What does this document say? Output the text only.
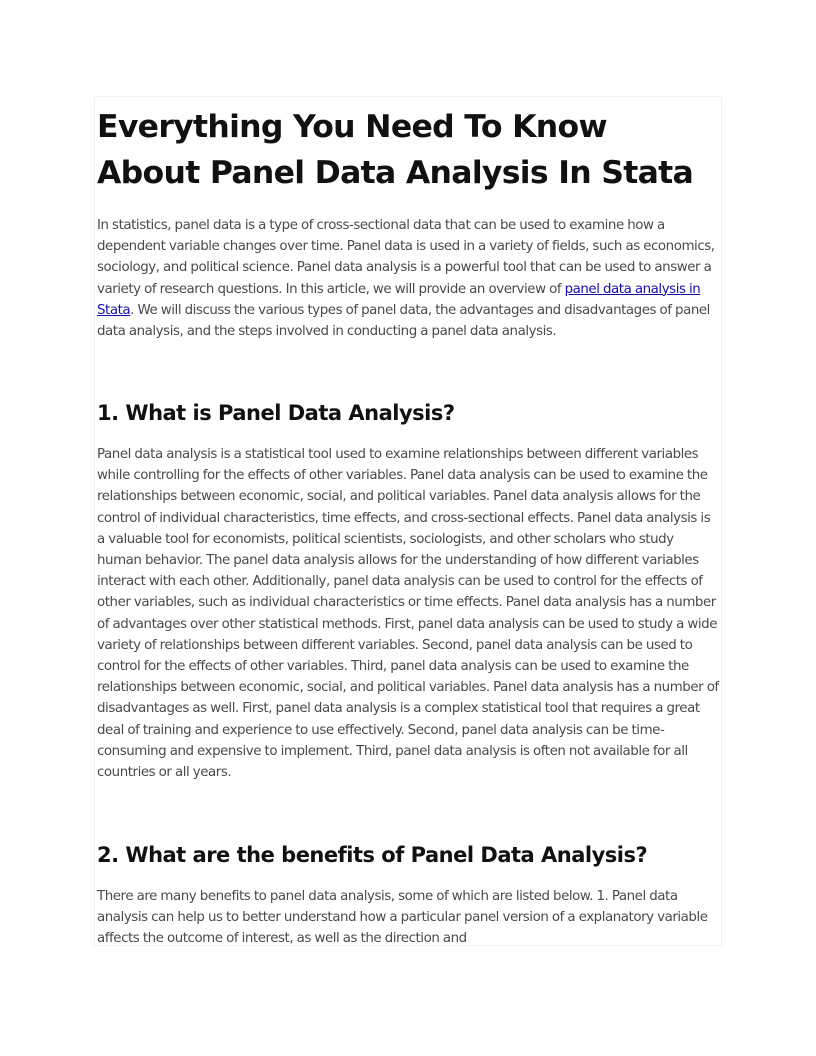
Everything You Need To Know About Panel Data Analysis In Stata

In statistics, panel data is a type of cross-sectional data that can be used to examine how a dependent variable changes over time. Panel data is used in a variety of fields, such as economics, sociology, and political science. Panel data analysis is a powerful tool that can be used to answer a variety of research questions. In this article, we will provide an overview of panel data analysis in Stata. We will discuss the various types of panel data, the advantages and disadvantages of panel data analysis, and the steps involved in conducting a panel data analysis.

1. What is Panel Data Analysis?

Panel data analysis is a statistical tool used to examine relationships between different variables while controlling for the effects of other variables. Panel data analysis can be used to examine the relationships between economic, social, and political variables. Panel data analysis allows for the control of individual characteristics, time effects, and cross-sectional effects. Panel data analysis is a valuable tool for economists, political scientists, sociologists, and other scholars who study human behavior. The panel data analysis allows for the understanding of how different variables interact with each other. Additionally, panel data analysis can be used to control for the effects of other variables, such as individual characteristics or time effects. Panel data analysis has a number of advantages over other statistical methods. First, panel data analysis can be used to study a wide variety of relationships between different variables. Second, panel data analysis can be used to control for the effects of other variables. Third, panel data analysis can be used to examine the relationships between economic, social, and political variables. Panel data analysis has a number of disadvantages as well. First, panel data analysis is a complex statistical tool that requires a great deal of training and experience to use effectively. Second, panel data analysis can be time-consuming and expensive to implement. Third, panel data analysis is often not available for all countries or all years.

2. What are the benefits of Panel Data Analysis?

There are many benefits to panel data analysis, some of which are listed below. 1. Panel data analysis can help us to better understand how a particular panel version of a explanatory variable affects the outcome of interest, as well as the direction and
